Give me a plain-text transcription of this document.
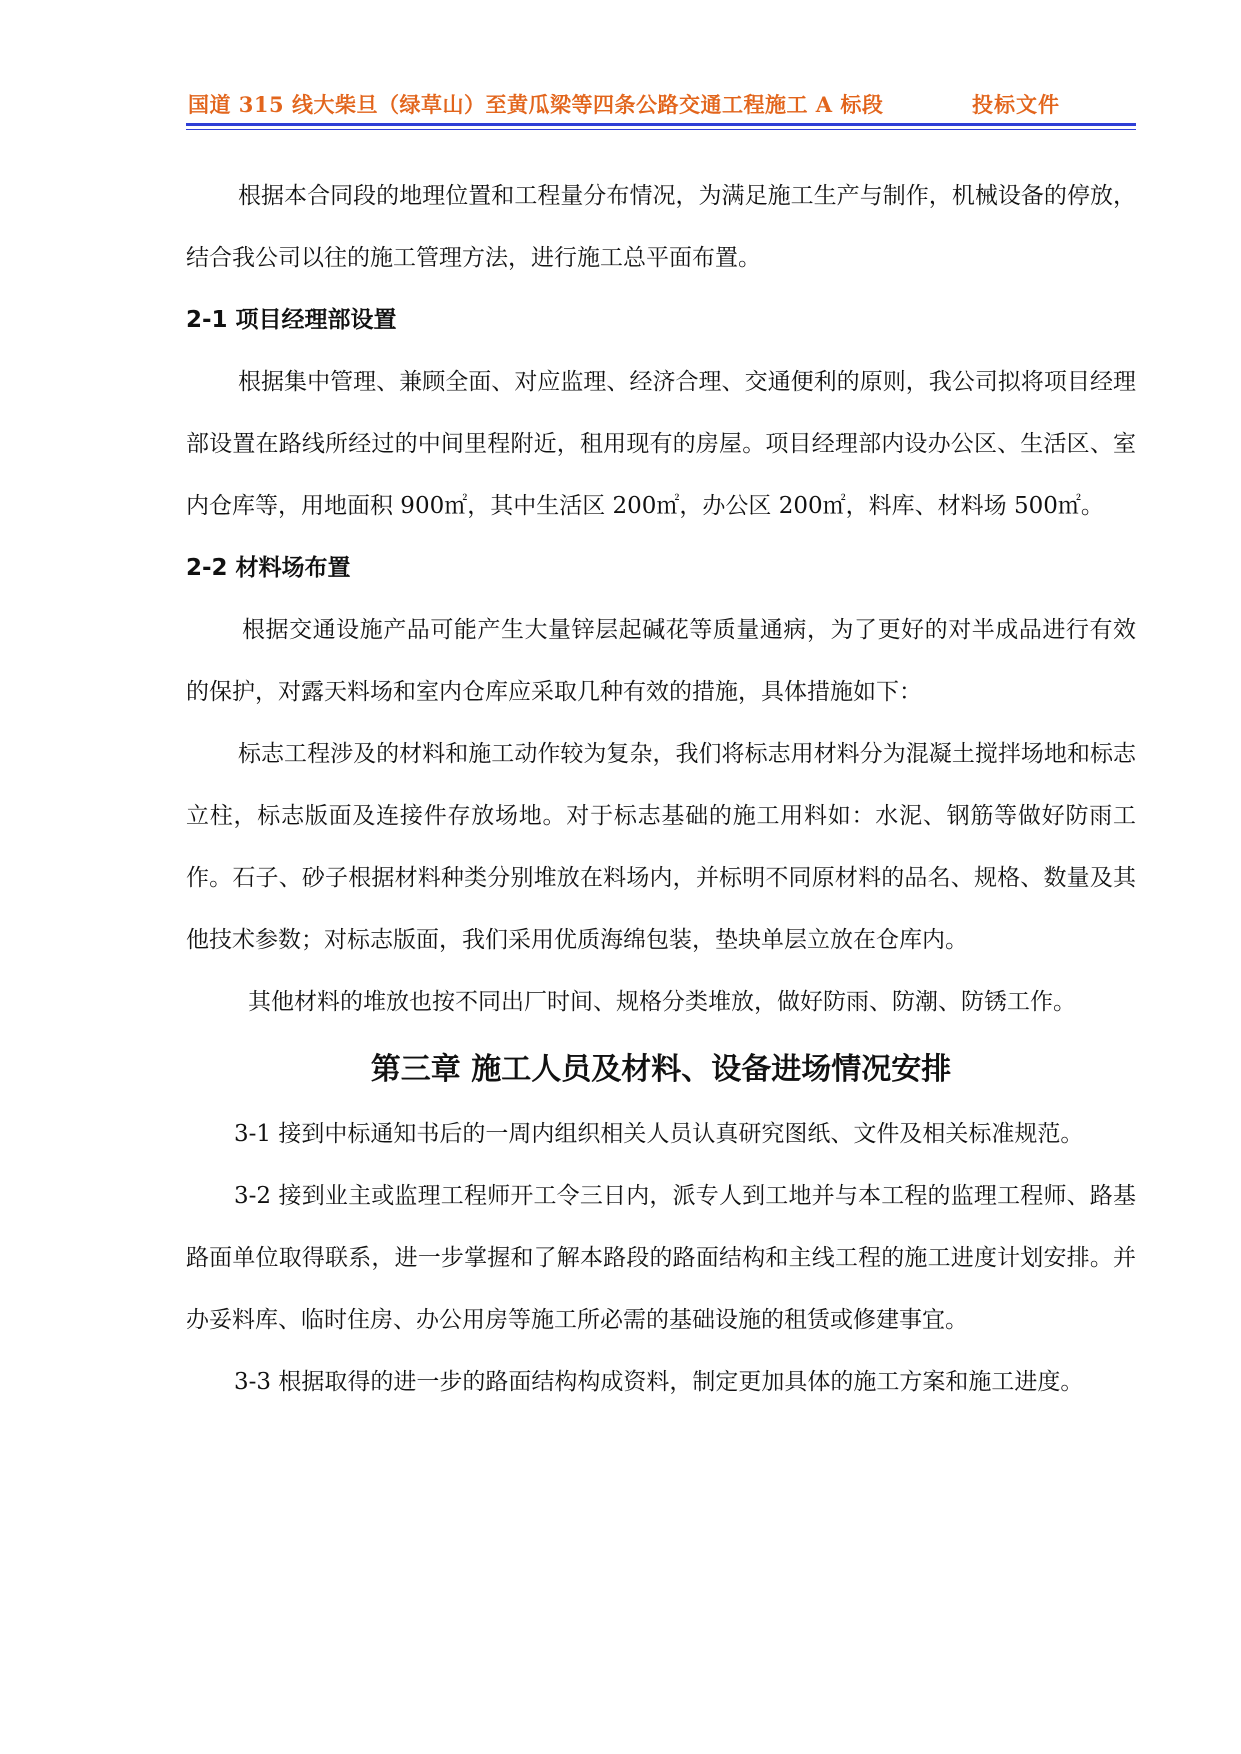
国道 315 线大柴旦（绿草山）至黄瓜梁等四条公路交通工程施工 A 标段	投标文件

根据本合同段的地理位置和工程量分布情况，为满足施工生产与制作，机械设备的停放，结合我公司以往的施工管理方法，进行施工总平面布置。

2-1 项目经理部设置

根据集中管理、兼顾全面、对应监理、经济合理、交通便利的原则，我公司拟将项目经理部设置在路线所经过的中间里程附近，租用现有的房屋。项目经理部内设办公区、生活区、室内仓库等，用地面积 900㎡，其中生活区 200㎡，办公区 200㎡，料库、材料场 500㎡。

2-2 材料场布置

根据交通设施产品可能产生大量锌层起碱花等质量通病，为了更好的对半成品进行有效的保护，对露天料场和室内仓库应采取几种有效的措施，具体措施如下：

标志工程涉及的材料和施工动作较为复杂，我们将标志用材料分为混凝土搅拌场地和标志立柱，标志版面及连接件存放场地。对于标志基础的施工用料如：水泥、钢筋等做好防雨工作。石子、砂子根据材料种类分别堆放在料场内，并标明不同原材料的品名、规格、数量及其他技术参数；对标志版面，我们采用优质海绵包装，垫块单层立放在仓库内。

其他材料的堆放也按不同出厂时间、规格分类堆放，做好防雨、防潮、防锈工作。

第三章 施工人员及材料、设备进场情况安排

3-1 接到中标通知书后的一周内组织相关人员认真研究图纸、文件及相关标准规范。

3-2 接到业主或监理工程师开工令三日内，派专人到工地并与本工程的监理工程师、路基路面单位取得联系，进一步掌握和了解本路段的路面结构和主线工程的施工进度计划安排。并办妥料库、临时住房、办公用房等施工所必需的基础设施的租赁或修建事宜。

3-3 根据取得的进一步的路面结构构成资料，制定更加具体的施工方案和施工进度。
